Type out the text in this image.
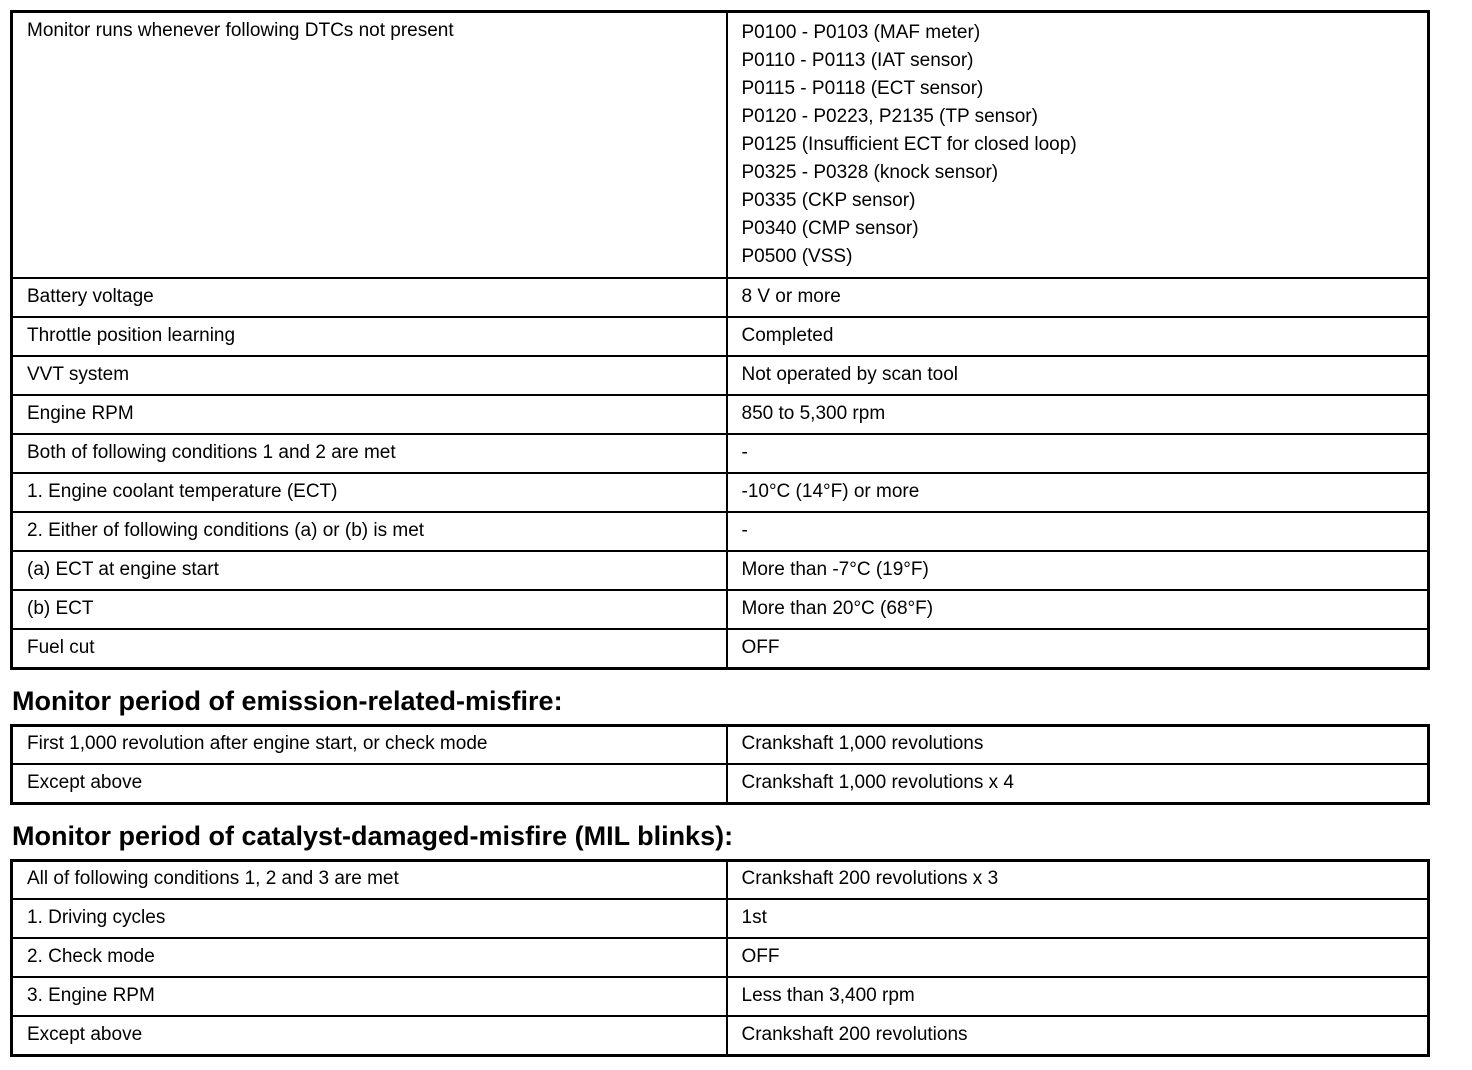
Monitor runs whenever following DTCs not present	P0100 - P0103 (MAF meter)
P0110 - P0113 (IAT sensor)
P0115 - P0118 (ECT sensor)
P0120 - P0223, P2135 (TP sensor)
P0125 (Insufficient ECT for closed loop)
P0325 - P0328 (knock sensor)
P0335 (CKP sensor)
P0340 (CMP sensor)
P0500 (VSS)

Battery voltage	8 V or more
Throttle position learning	Completed
VVT system	Not operated by scan tool
Engine RPM	850 to 5,300 rpm
Both of following conditions 1 and 2 are met	-
1. Engine coolant temperature (ECT)	-10°C (14°F) or more
2. Either of following conditions (a) or (b) is met	-
(a) ECT at engine start	More than -7°C (19°F)
(b) ECT	More than 20°C (68°F)
Fuel cut	OFF
Monitor period of emission-related-misfire:
First 1,000 revolution after engine start, or check mode	Crankshaft 1,000 revolutions
Except above	Crankshaft 1,000 revolutions x 4
Monitor period of catalyst-damaged-misfire (MIL blinks):
All of following conditions 1, 2 and 3 are met	Crankshaft 200 revolutions x 3
1. Driving cycles	1st
2. Check mode	OFF
3. Engine RPM	Less than 3,400 rpm
Except above	Crankshaft 200 revolutions
